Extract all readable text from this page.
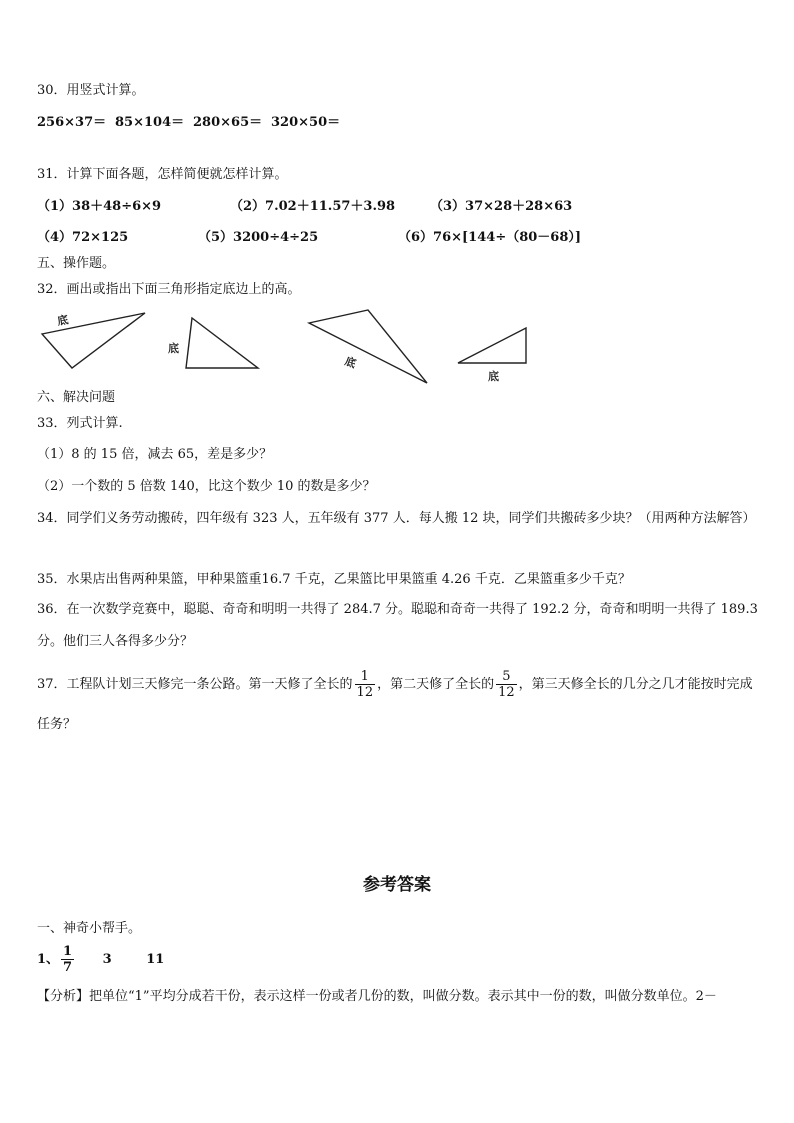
30．用竖式计算。
256×37＝ 85×104＝ 280×65＝ 320×50＝
31．计算下面各题，怎样简便就怎样计算。
（1）38＋48÷6×9	（2）7.02＋11.57＋3.98	（3）37×28＋28×63
（4）72×125	（5）3200÷4÷25	（6）76×[144÷（80－68）]
五、操作题。
32．画出或指出下面三角形指定底边上的高。
底
底
底
底
六、解决问题
33．列式计算.
（1）8 的 15 倍，减去 65，差是多少？
（2）一个数的 5 倍数 140，比这个数少 10 的数是多少？
34．同学们义务劳动搬砖，四年级有 323 人，五年级有 377 人．每人搬 12 块，同学们共搬砖多少块？（用两种方法解答）
35．水果店出售两种果篮，甲种果篮重16.7 千克，乙果篮比甲果篮重 4.26 千克．乙果篮重多少千克？
36．在一次数学竞赛中，聪聪、奇奇和明明一共得了 284.7 分。聪聪和奇奇一共得了 192.2 分，奇奇和明明一共得了 189.3 分。他们三人各得多少分？
37．工程队计划三天修完一条公路。第一天修了全长的 $\frac{1}{12}$ ，第二天修了全长的 $\frac{5}{12}$ ，第三天修全长的几分之几才能按时完成任务？
参考答案
一、神奇小帮手。
1、 $\frac{1}{7} 3$	11
【分析】把单位“1”平均分成若干份，表示这样一份或者几份的数，叫做分数。表示其中一份的数，叫做分数单位。2－
